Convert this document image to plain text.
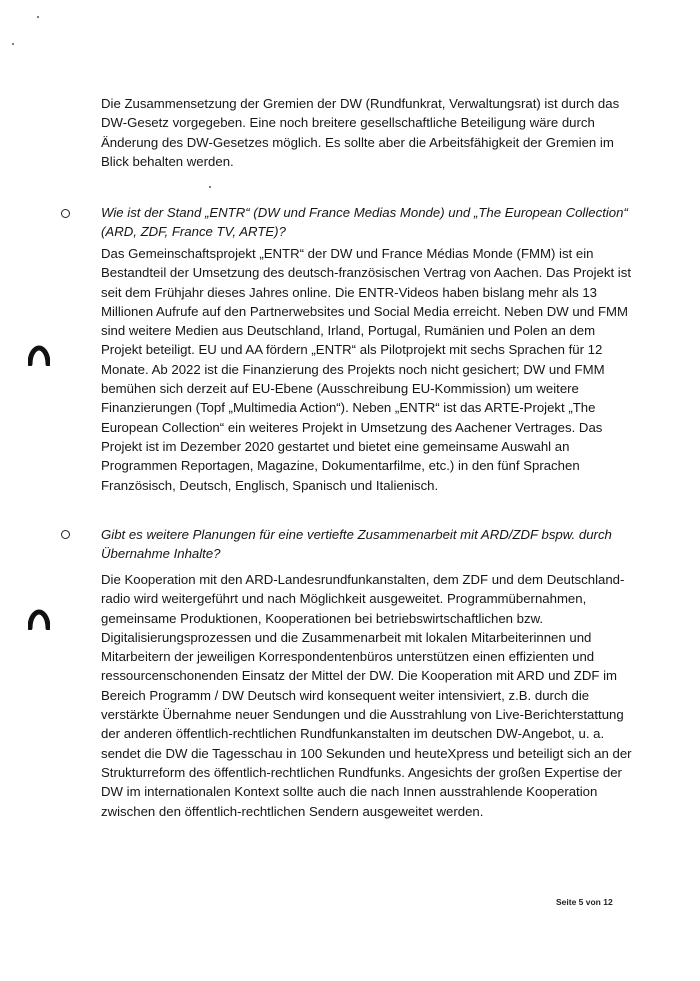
Die Zusammensetzung der Gremien der DW (Rundfunkrat, Verwaltungsrat) ist durch das
DW-Gesetz vorgegeben. Eine noch breitere gesellschaftliche Beteiligung wäre durch
Änderung des DW-Gesetzes möglich. Es sollte aber die Arbeitsfähigkeit der Gremien im
Blick behalten werden.
Wie ist der Stand „ENTR“ (DW und France Medias Monde) und „The European Collection“
(ARD, ZDF, France TV, ARTE)?
Das Gemeinschaftsprojekt „ENTR“ der DW und France Médias Monde (FMM) ist ein
Bestandteil der Umsetzung des deutsch-französischen Vertrag von Aachen. Das Projekt ist
seit dem Frühjahr dieses Jahres online. Die ENTR-Videos haben bislang mehr als 13
Millionen Aufrufe auf den Partnerwebsites und Social Media erreicht. Neben DW und FMM
sind weitere Medien aus Deutschland, Irland, Portugal, Rumänien und Polen an dem
Projekt beteiligt. EU und AA fördern „ENTR“ als Pilotprojekt mit sechs Sprachen für 12
Monate. Ab 2022 ist die Finanzierung des Projekts noch nicht gesichert; DW und FMM
bemühen sich derzeit auf EU-Ebene (Ausschreibung EU-Kommission) um weitere
Finanzierungen (Topf „Multimedia Action“). Neben „ENTR“ ist das ARTE-Projekt „The
European Collection“ ein weiteres Projekt in Umsetzung des Aachener Vertrages. Das
Projekt ist im Dezember 2020 gestartet und bietet eine gemeinsame Auswahl an
Programmen Reportagen, Magazine, Dokumentarfilme, etc.) in den fünf Sprachen
Französisch, Deutsch, Englisch, Spanisch und Italienisch.
Gibt es weitere Planungen für eine vertiefte Zusammenarbeit mit ARD/ZDF bspw. durch
Übernahme Inhalte?
Die Kooperation mit den ARD-Landesrundfunkanstalten, dem ZDF und dem Deutschland-
radio wird weitergeführt und nach Möglichkeit ausgeweitet. Programmübernahmen,
gemeinsame Produktionen, Kooperationen bei betriebswirtschaftlichen bzw.
Digitalisierungsprozessen und die Zusammenarbeit mit lokalen Mitarbeiterinnen und
Mitarbeitern der jeweiligen Korrespondentenbüros unterstützen einen effizienten und
ressourcenschonenden Einsatz der Mittel der DW. Die Kooperation mit ARD und ZDF im
Bereich Programm / DW Deutsch wird konsequent weiter intensiviert, z.B. durch die
verstärkte Übernahme neuer Sendungen und die Ausstrahlung von Live-Berichterstattung
der anderen öffentlich-rechtlichen Rundfunkanstalten im deutschen DW-Angebot, u. a.
sendet die DW die Tagesschau in 100 Sekunden und heuteXpress und beteiligt sich an der
Strukturreform des öffentlich-rechtlichen Rundfunks. Angesichts der großen Expertise der
DW im internationalen Kontext sollte auch die nach Innen ausstrahlende Kooperation
zwischen den öffentlich-rechtlichen Sendern ausgeweitet werden.
Seite 5 von 12
